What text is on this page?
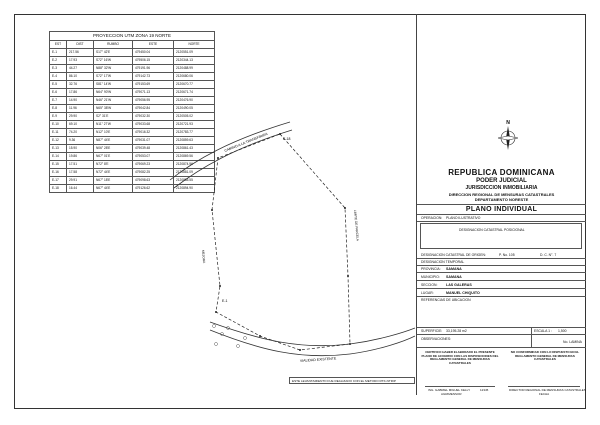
PROYECCION UTM ZONA 19 NORTE
EST	DIST	RUMBO	ESTE	NORTE
E-1	217.56	S17° 42'E	479450.04	2120551.09
E-2	17.93	S72° 16'W	479506.15	2120344.13
E-3	44.27	N88° 32'W	479191.96	2120488.99
E-4	86.10	S72° 17'W	479142.73	2120680.06
E-5	32.76	S81° 14'W	479153.69	2120670.77
E-6	17.86	N64° 90'W	479071.13	2120671.74
E-7	14.90	N46° 21'W	479056.95	2120476.90
E-8	11.96	N65° 38'W	479042.84	2120490.05
E-9	29.90	S2° 31'E	479032.30	2120505.02
E-10	69.10	N11° 27'W	479033.68	2120721.93
E-11	74.20	N12° 10'E	479016.32	2120783.77
E-12	9.36	N87° 44'E	479031.07	2120859.63
E-13	15.90	N06° 28'E	479039.48	2120861.43
E-14	19.86	N67° 01'E	479053.07	2120869.56
E-15	17.51	N72° 8'E	479069.23	2120874.96
E-16	17.58	N72° 44'E	479082.25	2120881.09
E-17	29.91	N67° 18'E	479098.63	2120885.55
E-18	16.44	N67° 44'E	479126.62	2120894.90
CAMINO A LA TRANSFIRIDA
VIALIDAD EXISTENTE
E-1
E-18
MEJORA
LIMITE DE PARCELA
N
REPUBLICA DOMINICANA
PODER JUDICIAL
JURISDICCION INMOBILIARIA
DIRECCION REGIONAL DE MENSURAS CATASTRALES
DEPARTAMENTO NORESTE
PLANO INDIVIDUAL
OPERACION: PLANO ILUSTRATIVO
DESIGNACION CATASTRAL POSICIONAL
DESIGNACION CATASTRAL DE ORIGEN:	P. No. 105	D. C. N°. 7
DESIGNACION TEMPORAL
PROVINCIA: SAMANA
MUNICIPIO: SAMANA
SECCION: LAS GALERAS
LUGAR:	MANUEL CHIQUITO
REFERENCIAS DE UBICACION
SUPERFICIE: 33,195.28 m2	ESCALA 1 : 1,500
OBSERVACIONES:
No. LAMINA
CERTIFICO HABER ELABORADO EL PRESENTE PLANO DE ACUERDO CON LAS DISPOSICIONES DEL REGLAMENTO GENERAL DE MENSURAS CATASTRALES
NO CONFORMIDAD CON LO DISPUESTO EN EL REGLAMENTO GENERAL DE MENSURAS CATASTRALES
ING. GABRIEL MIGUEL KELLY	12345
AGRIMENSOR
DIRECTOR REGIONAL DE MENSURAS CATASTRALES
FECHA
ESTE LEVANTAMIENTO FUE REALIZADO CON EL METODO RTK-NTRIP
